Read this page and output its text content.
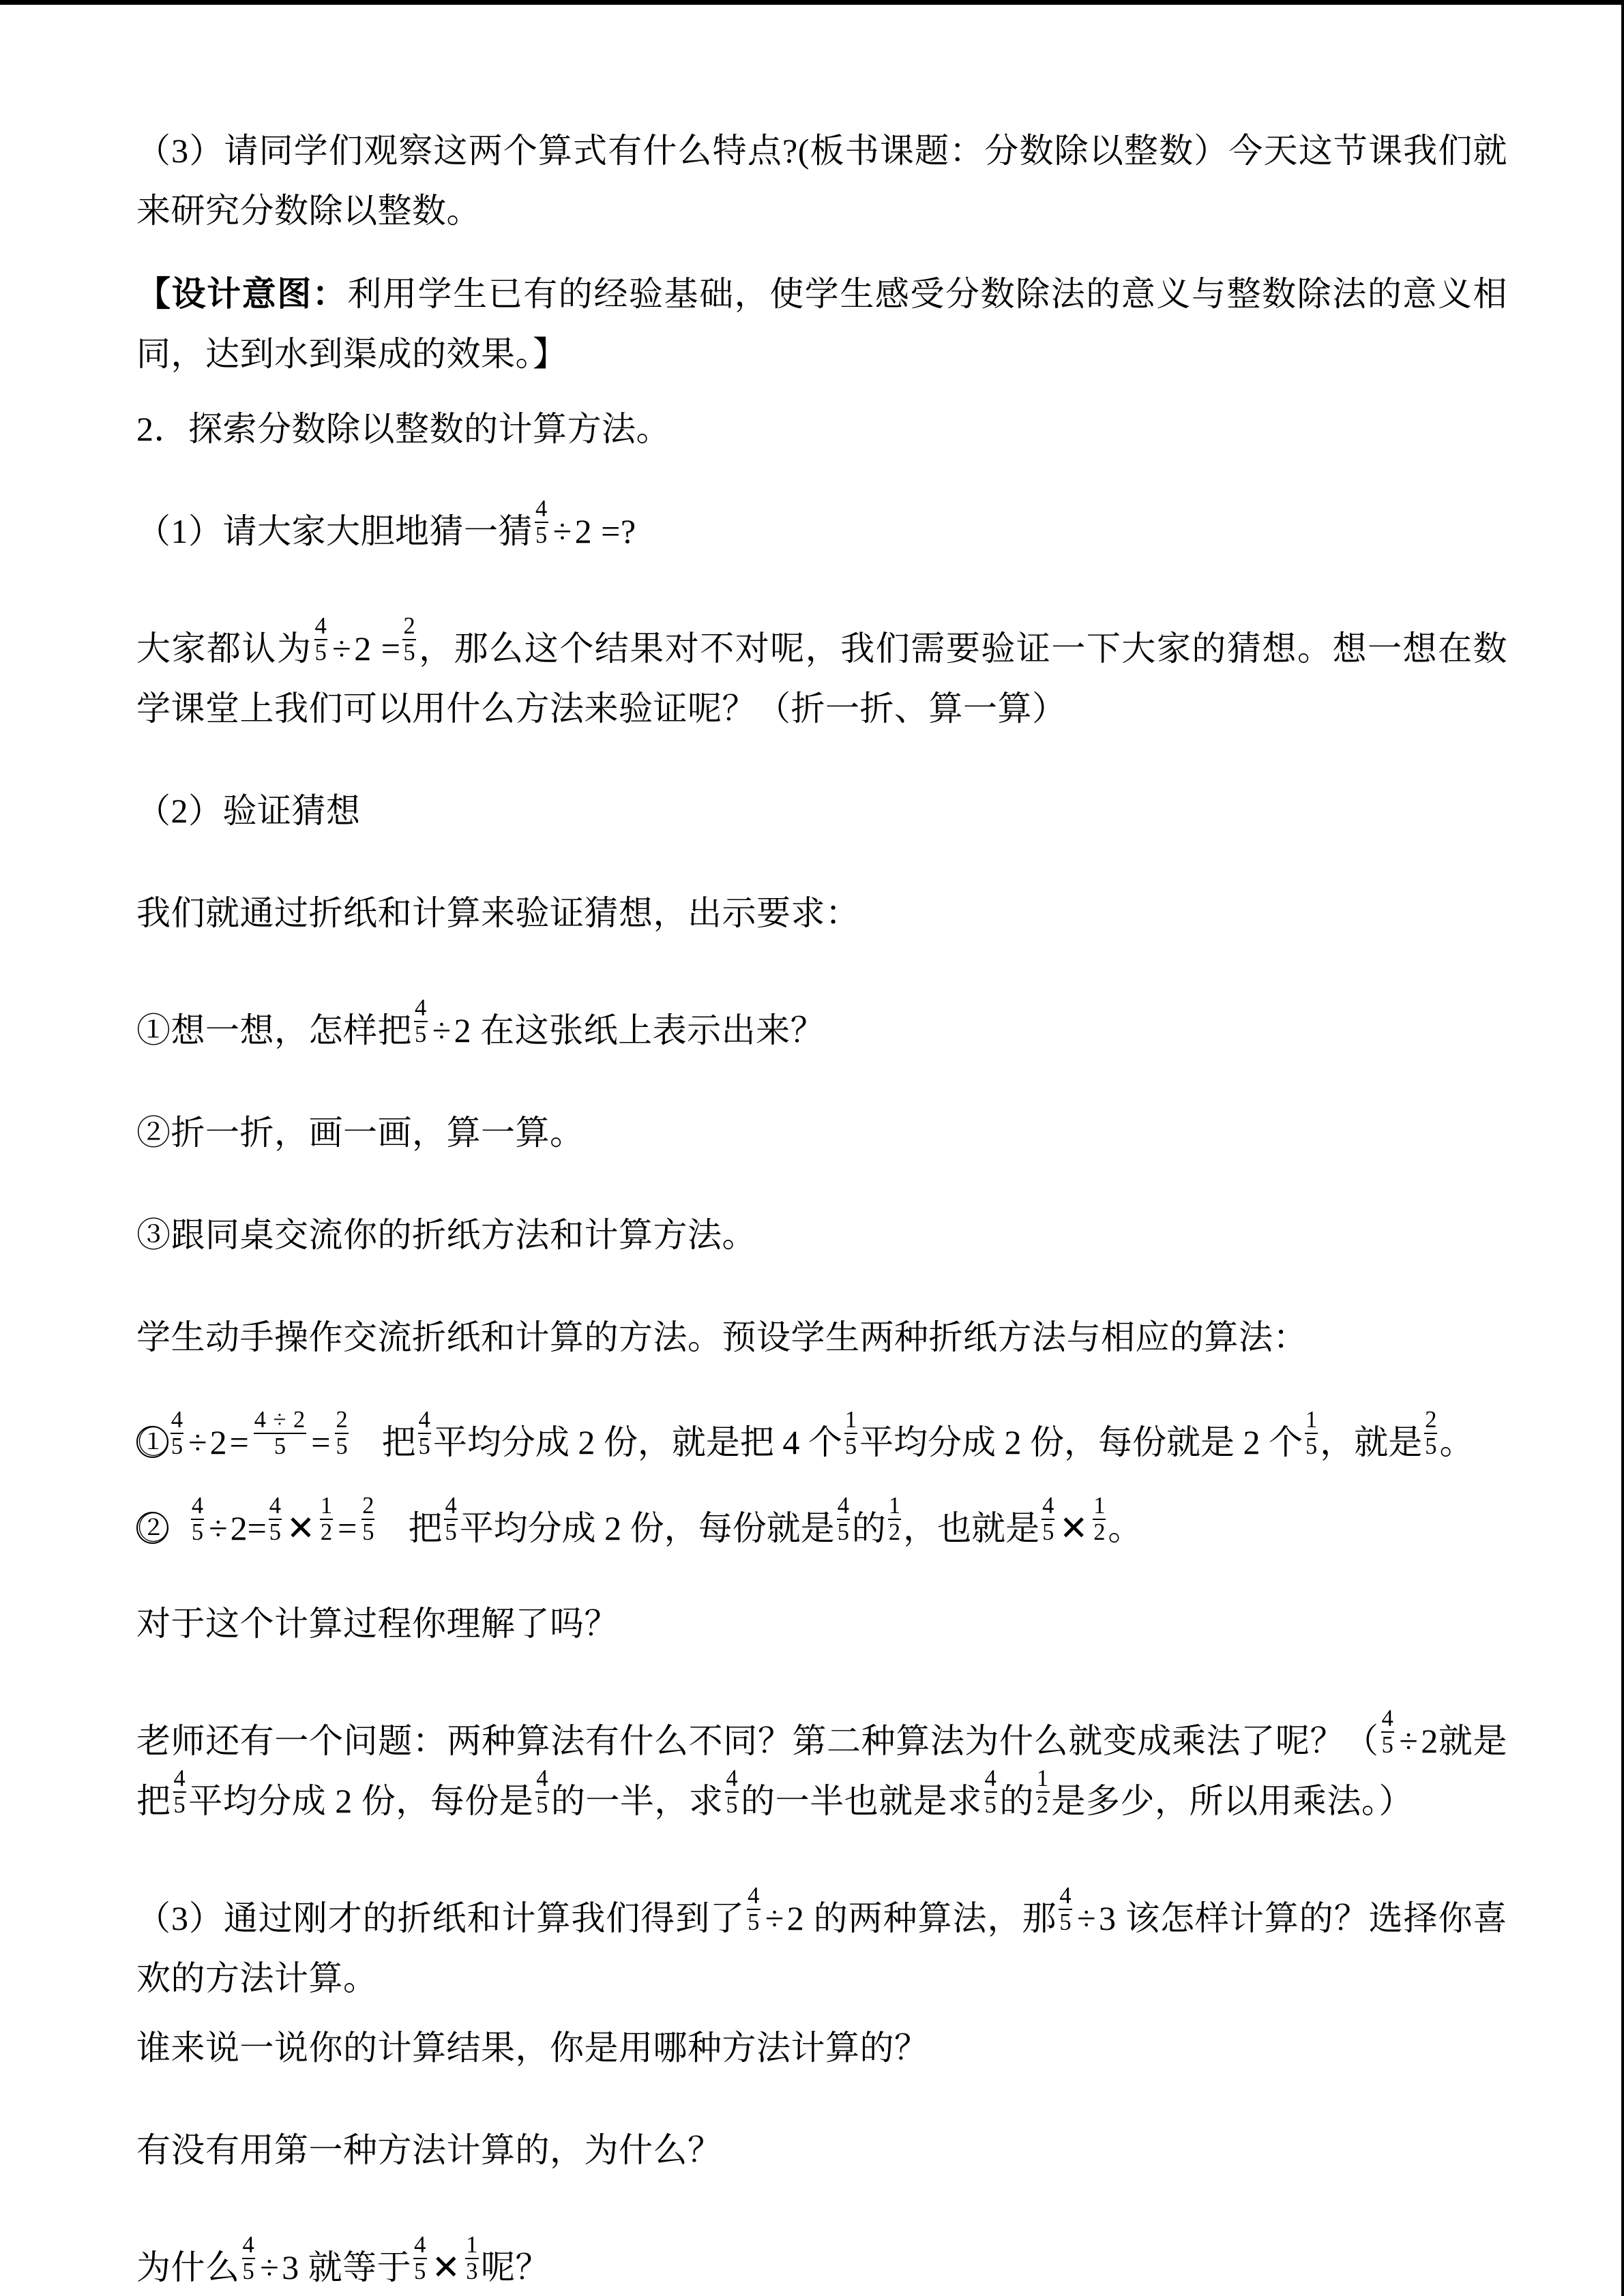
（3）请同学们观察这两个算式有什么特点?(板书课题：分数除以整数）今天这节课我们就来研究分数除以整数。

【设计意图：利用学生已有的经验基础，使学生感受分数除法的意义与整数除法的意义相同，达到水到渠成的效果。】

2．探索分数除以整数的计算方法。

（1）请大家大胆地猜一猜 $\frac{4}{5} \div 2$ =?

大家都认为 $\frac{4}{5} \div 2 = \frac{2}{5}$ ，那么这个结果对不对呢，我们需要验证一下大家的猜想。想一想在数学课堂上我们可以用什么方法来验证呢？（折一折、算一算）

（2）验证猜想

我们就通过折纸和计算来验证猜想，出示要求：

①想一想，怎样把 $\frac{4}{5} \div 2$ 在这张纸上表示出来？

②折一折，画一画，算一算。

③跟同桌交流你的折纸方法和计算方法。

学生动手操作交流折纸和计算的方法。预设学生两种折纸方法与相应的算法：

① $\frac{4}{5} \div 2= \frac{4 \div 2}{5} = \frac{2}{5}$ 把 $\frac{4}{5}$ 平均分成 2 份，就是把 4 个 $\frac{1}{5}$ 平均分成 2 份，每份就是 2 个 $\frac{1}{5}$ ，就是 $\frac{2}{5}$ 。

② $\frac{4}{5} \div 2= \frac{4}{5}$ ✕ $\frac{1}{2} = \frac{2}{5}$ 把 $\frac{4}{5}$ 平均分成 2 份，每份就是 $\frac{4}{5}$ 的 $\frac{1}{2}$ ，也就是 $\frac{4}{5}$ ✕ $\frac{1}{2}$ 。

对于这个计算过程你理解了吗？

老师还有一个问题：两种算法有什么不同？第二种算法为什么就变成乘法了呢？（ $\frac{4}{5} \div 2$就是把 $\frac{4}{5}$ 平均分成 2 份，每份是 $\frac{4}{5}$ 的一半，求 $\frac{4}{5}$ 的一半也就是求 $\frac{4}{5}$ 的 $\frac{1}{2}$ 是多少，所以用乘法。）

（3）通过刚才的折纸和计算我们得到了 $\frac{4}{5} \div 2$ 的两种算法，那 $\frac{4}{5} \div 3$ 该怎样计算的？选择你喜欢的方法计算。

谁来说一说你的计算结果，你是用哪种方法计算的？

有没有用第一种方法计算的，为什么？

为什么 $\frac{4}{5} \div 3$ 就等于 $\frac{4}{5}$ ✕ $\frac{1}{3}$ 呢？
